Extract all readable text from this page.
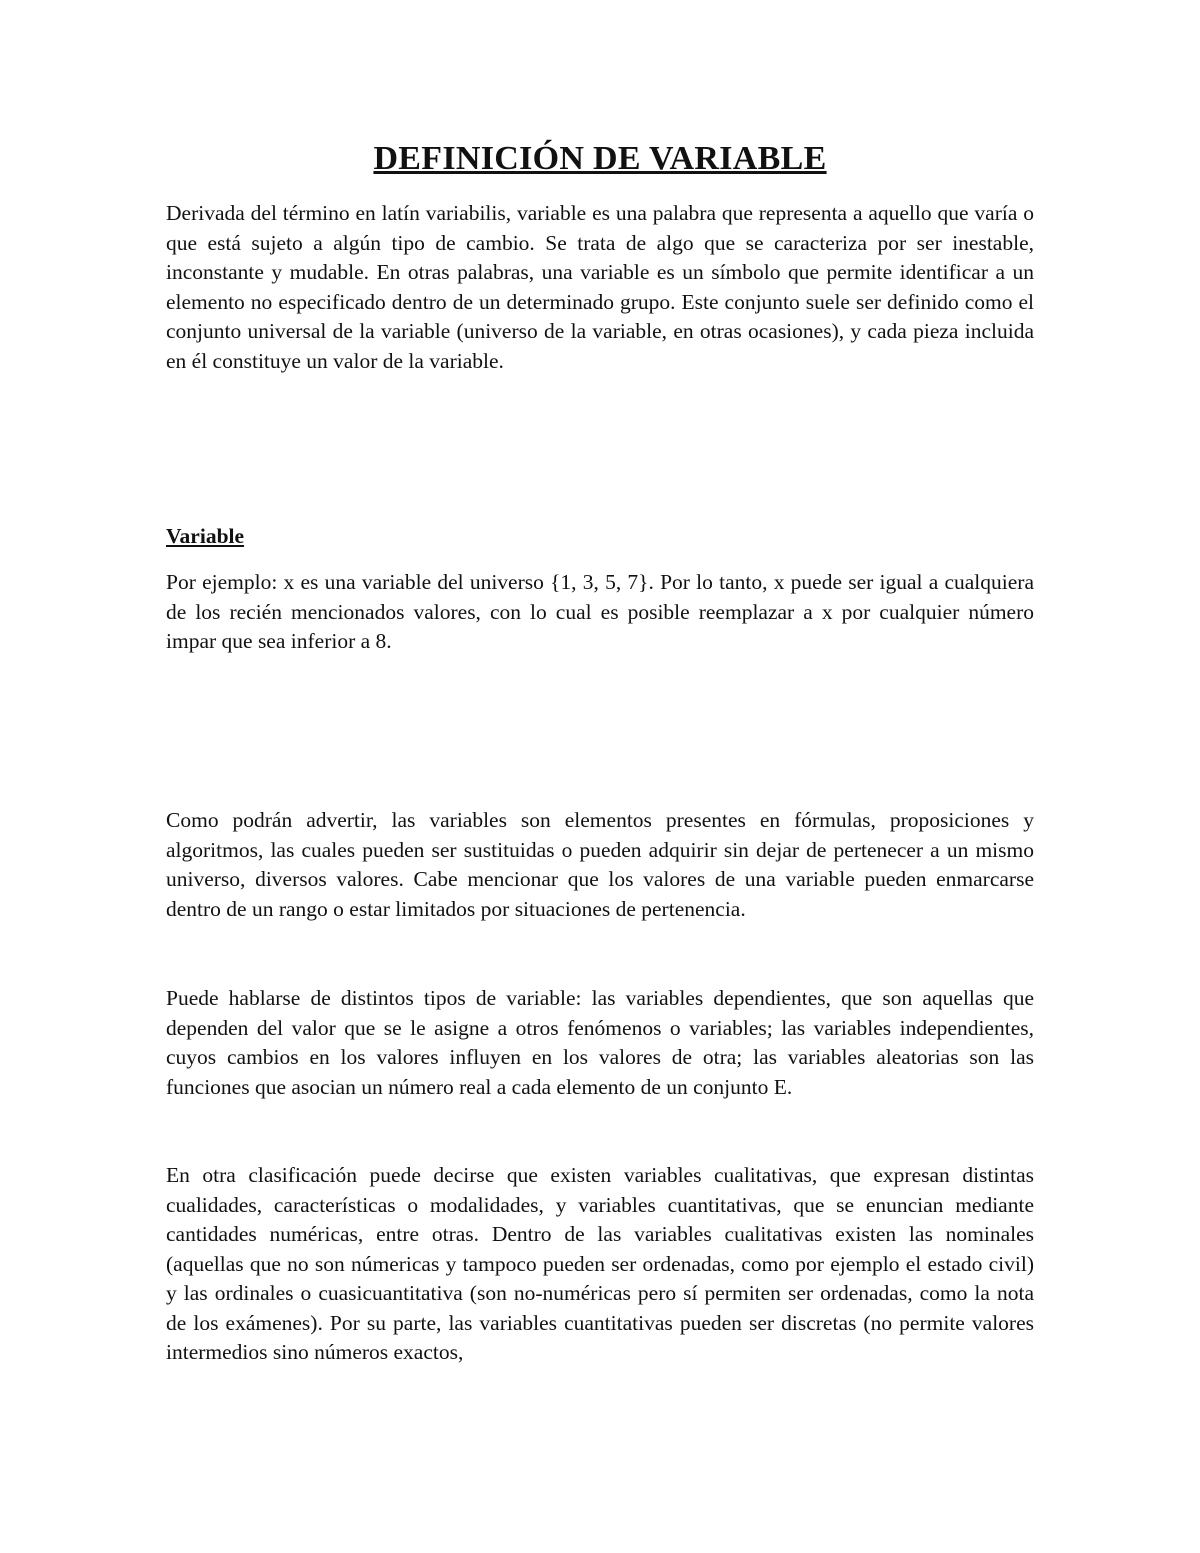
DEFINICIÓN DE VARIABLE
Derivada del término en latín variabilis, variable es una palabra que representa a aquello que varía o que está sujeto a algún tipo de cambio. Se trata de algo que se caracteriza por ser inestable, inconstante y mudable. En otras palabras, una variable es un símbolo que permite identificar a un elemento no especificado dentro de un determinado grupo. Este conjunto suele ser definido como el conjunto universal de la variable (universo de la variable, en otras ocasiones), y cada pieza incluida en él constituye un valor de la variable.
Variable
Por ejemplo: x es una variable del universo {1, 3, 5, 7}. Por lo tanto, x puede ser igual a cualquiera de los recién mencionados valores, con lo cual es posible reemplazar a x por cualquier número impar que sea inferior a 8.
Como podrán advertir, las variables son elementos presentes en fórmulas, proposiciones y algoritmos, las cuales pueden ser sustituidas o pueden adquirir sin dejar de pertenecer a un mismo universo, diversos valores. Cabe mencionar que los valores de una variable pueden enmarcarse dentro de un rango o estar limitados por situaciones de pertenencia.
Puede hablarse de distintos tipos de variable: las variables dependientes, que son aquellas que dependen del valor que se le asigne a otros fenómenos o variables; las variables independientes, cuyos cambios en los valores influyen en los valores de otra; las variables aleatorias son las funciones que asocian un número real a cada elemento de un conjunto E.
En otra clasificación puede decirse que existen variables cualitativas, que expresan distintas cualidades, características o modalidades, y variables cuantitativas, que se enuncian mediante cantidades numéricas, entre otras. Dentro de las variables cualitativas existen las nominales (aquellas que no son númericas y tampoco pueden ser ordenadas, como por ejemplo el estado civil) y las ordinales o cuasicuantitativa (son no-numéricas pero sí permiten ser ordenadas, como la nota de los exámenes). Por su parte, las variables cuantitativas pueden ser discretas (no permite valores intermedios sino números exactos,
